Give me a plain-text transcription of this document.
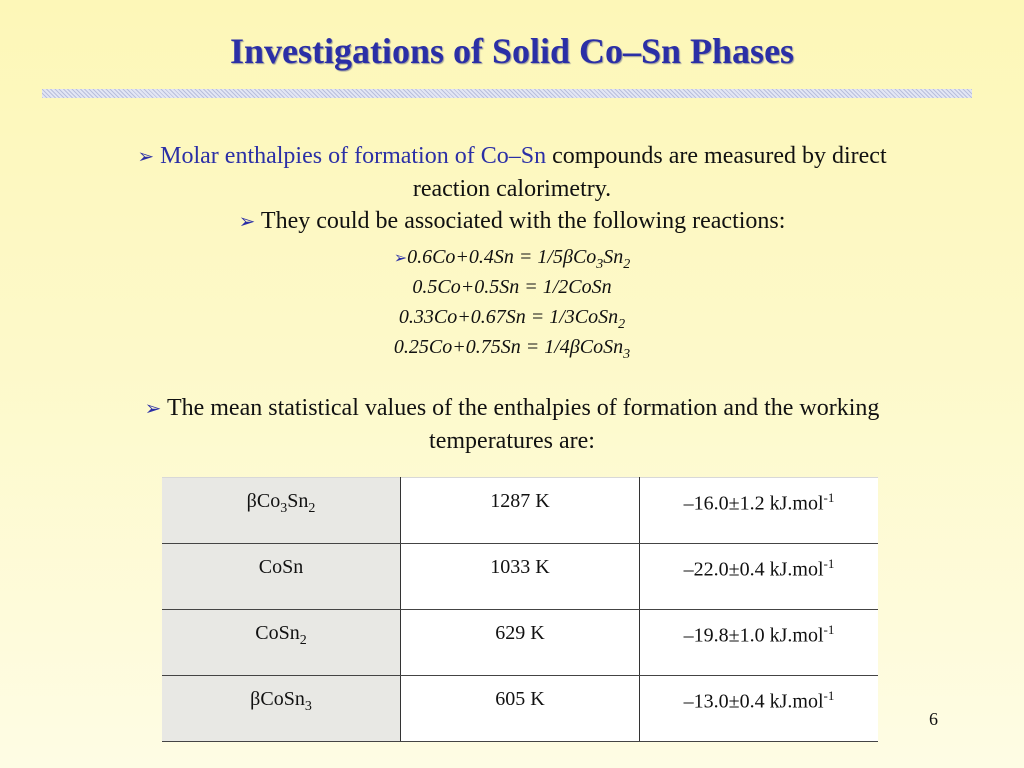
Investigations of Solid Co–Sn Phases
➢ Molar enthalpies of formation of Co–Sn compounds are measured by direct
reaction calorimetry.
➢ They could be associated with the following reactions:
➢0.6Co+0.4Sn = $1/5\beta Co_3Sn_2$
0.5Co+0.5Sn = 1/2CoSn
0.33Co+0.67Sn = 1/3CoSn$_2$
0.25Co+0.75Sn = 1/4βCoSn$_3$
➢ The mean statistical values of the enthalpies of formation and the working
temperatures are:
$\beta Co_3Sn_2$	1287 K	–16.0±1.2 kJ.mol$^{-1}$
CoSn	1033 K	–22.0±0.4 kJ.mol$^{-1}$
CoSn$_2$	629 K	–19.8±1.0 kJ.mol$^{-1}$
βCoSn$_3$	605 K	–13.0±0.4 kJ.mol$^{-1}$
6
